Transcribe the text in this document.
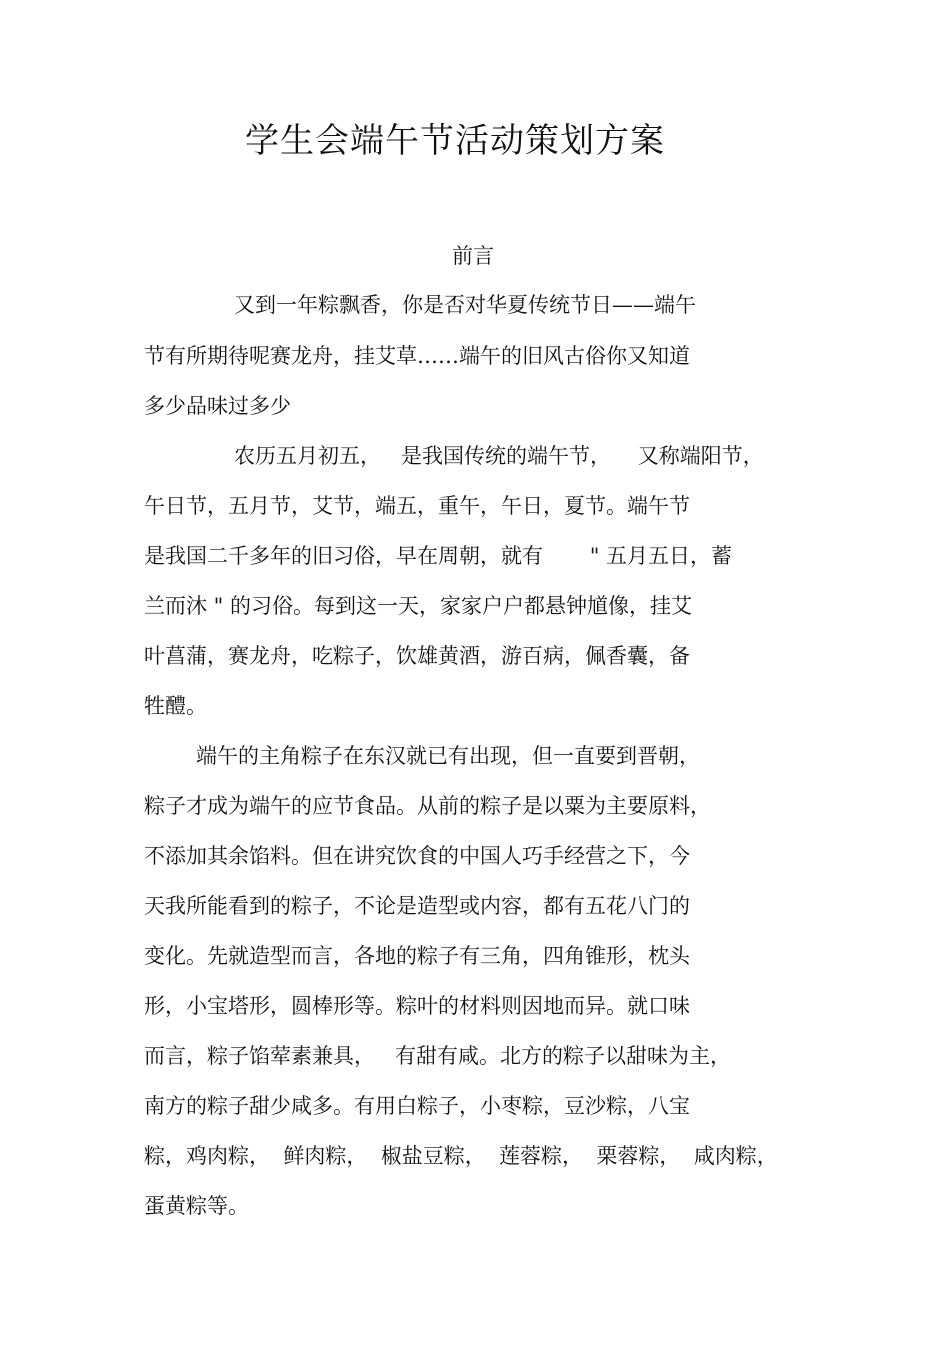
学生会端午节活动策划方案
前言

又到一年粽飘香，你是否对华夏传统节日——端午

节有所期待呢赛龙舟，挂艾草……端午的旧风古俗你又知道

多少品味过多少

农历五月初五，   是我国传统的端午节，    又称端阳节，

午日节，五月节，艾节，端五，重午，午日，夏节。端午节

是我国二千多年的旧习俗，早在周朝，就有       " 五月五日，蓄

兰而沐 " 的习俗。每到这一天，家家户户都悬钟馗像，挂艾

叶菖蒲，赛龙舟，吃粽子，饮雄黄酒，游百病，佩香囊，备

牲醴。

端午的主角粽子在东汉就已有出现，但一直要到晋朝，

粽子才成为端午的应节食品。从前的粽子是以粟为主要原料，

不添加其余馅料。但在讲究饮食的中国人巧手经营之下，今

天我所能看到的粽子，不论是造型或内容，都有五花八门的

变化。先就造型而言，各地的粽子有三角，四角锥形，枕头

形，小宝塔形，圆棒形等。粽叶的材料则因地而异。就口味

而言，粽子馅荤素兼具，   有甜有咸。北方的粽子以甜味为主，

南方的粽子甜少咸多。有用白粽子，小枣粽，豆沙粽，八宝

粽，鸡肉粽，  鲜肉粽，  椒盐豆粽，  莲蓉粽，  栗蓉粽，  咸肉粽，

蛋黄粽等。
